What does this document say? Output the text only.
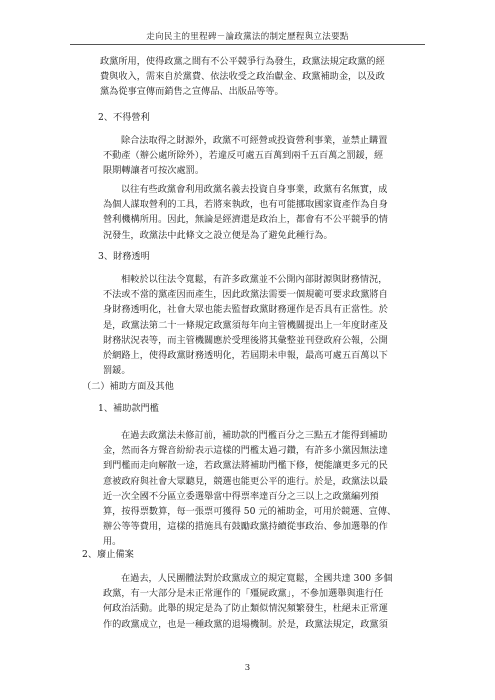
走向民主的里程碑－論政黨法的制定歷程與立法要點
政黨所用，使得政黨之間有不公平競爭行為發生，政黨法規定政黨的經
費與收入，需來自於黨費、依法收受之政治獻金、政黨補助金，以及政
黨為從事宣傳而銷售之宣傳品、出版品等等。
2、不得營利
除合法取得之財源外，政黨不可經營或投資營利事業，並禁止購置
不動產（辦公處所除外），若違反可處五百萬到兩千五百萬之罰鍰，經
限期轉讓者可按次處罰。
以往有些政黨會利用政黨名義去投資自身事業，政黨有名無實，成
為個人謀取營利的工具，若將來執政，也有可能挪取國家資產作為自身
營利機構所用。因此，無論是經濟還是政治上，都會有不公平競爭的情
況發生，政黨法中此條文之設立便是為了避免此種行為。
3、財務透明
相較於以往法令寬鬆，有許多政黨並不公開內部財源與財務情況，
不法或不當的黨產因而產生，因此政黨法需要一個規範可要求政黨將自
身財務透明化，社會大眾也能去監督政黨財務運作是否具有正當性。於
是，政黨法第二十一條規定政黨須每年向主管機關提出上一年度財產及
財務狀況表等，而主管機關應於受理後將其彙整並刊登政府公報，公開
於網路上，使得政黨財務透明化，若屆期未申報，最高可處五百萬以下
罰鍰。
（二）補助方面及其他
1、補助款門檻
在過去政黨法未修訂前，補助款的門檻百分之三點五才能得到補助
金，然而各方聲音紛紛表示這樣的門檻太過刁鑽，有許多小黨因無法達
到門檻而走向解散一途，若政黨法將補助門檻下修，便能讓更多元的民
意被政府與社會大眾聽見，競選也能更公平的進行。於是，政黨法以最
近一次全國不分區立委選舉當中得票率達百分之三以上之政黨編列預
算，按得票數算，每一張票可獲得 50 元的補助金，可用於競選、宣傳、
辦公等等費用，這樣的措施具有鼓勵政黨持續從事政治、參加選舉的作
用。
2、廢止備案
在過去，人民團體法對於政黨成立的規定寬鬆，全國共達 300 多個
政黨，有一大部分是未正常運作的「殭屍政黨」，不參加選舉與進行任
何政治活動。此舉的規定是為了防止類似情況頻繁發生，杜絕未正常運
作的政黨成立，也是一種政黨的退場機制。於是，政黨法規定，政黨須
3
